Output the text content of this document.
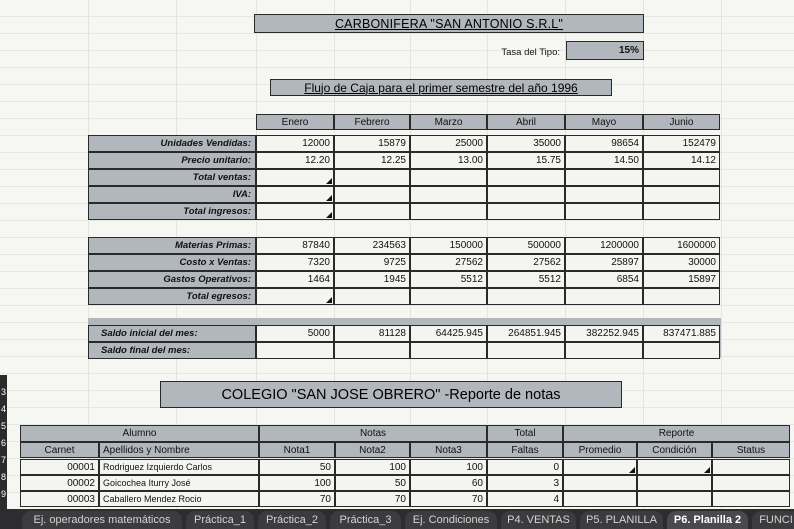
CARBONIFERA "SAN ANTONIO S.R.L"
Tasa del Tipo:	15%
Flujo de Caja para el primer semestre del año 1996
Enero	Febrero	Marzo	Abril	Mayo	Junio
Unidades Vendidas:	12000	15879	25000	35000	98654	152479
Precio unitario:	12.20	12.25	13.00	15.75	14.50	14.12
Total ventas:
IVA:
Total ingresos:
Materias Primas:	87840	234563	150000	500000	1200000	1600000
Costo x Ventas:	7320	9725	27562	27562	25897	30000
Gastos Operativos:	1464	1945	5512	5512	6854	15897
Total egresos:
Saldo inicial del mes:	5000	81128	64425.945	264851.945	382252.945 837471.885
Saldo final del mes:
COLEGIO "SAN JOSE OBRERO" -Reporte de notas
Alumno	Notas	Total	Reporte
Carnet	Apellidos y Nombre	Nota1	Nota2	Nota3	Faltas	Promedio	Condición	Status
00001 Rodriguez Izquierdo Carlos	50	100	100	0
00002 Goicochea Iturry José	100	50	60	3
00003 Caballero Mendez Rocio	70	70	70	4
3
4
5
6
7
8
9
Ej. operadores matemáticos Práctica_1 Práctica_2 Práctica_3 Ej. Condiciones P4. VENTAS P5. PLANILLA P6. Planilla 2 FUNCI
